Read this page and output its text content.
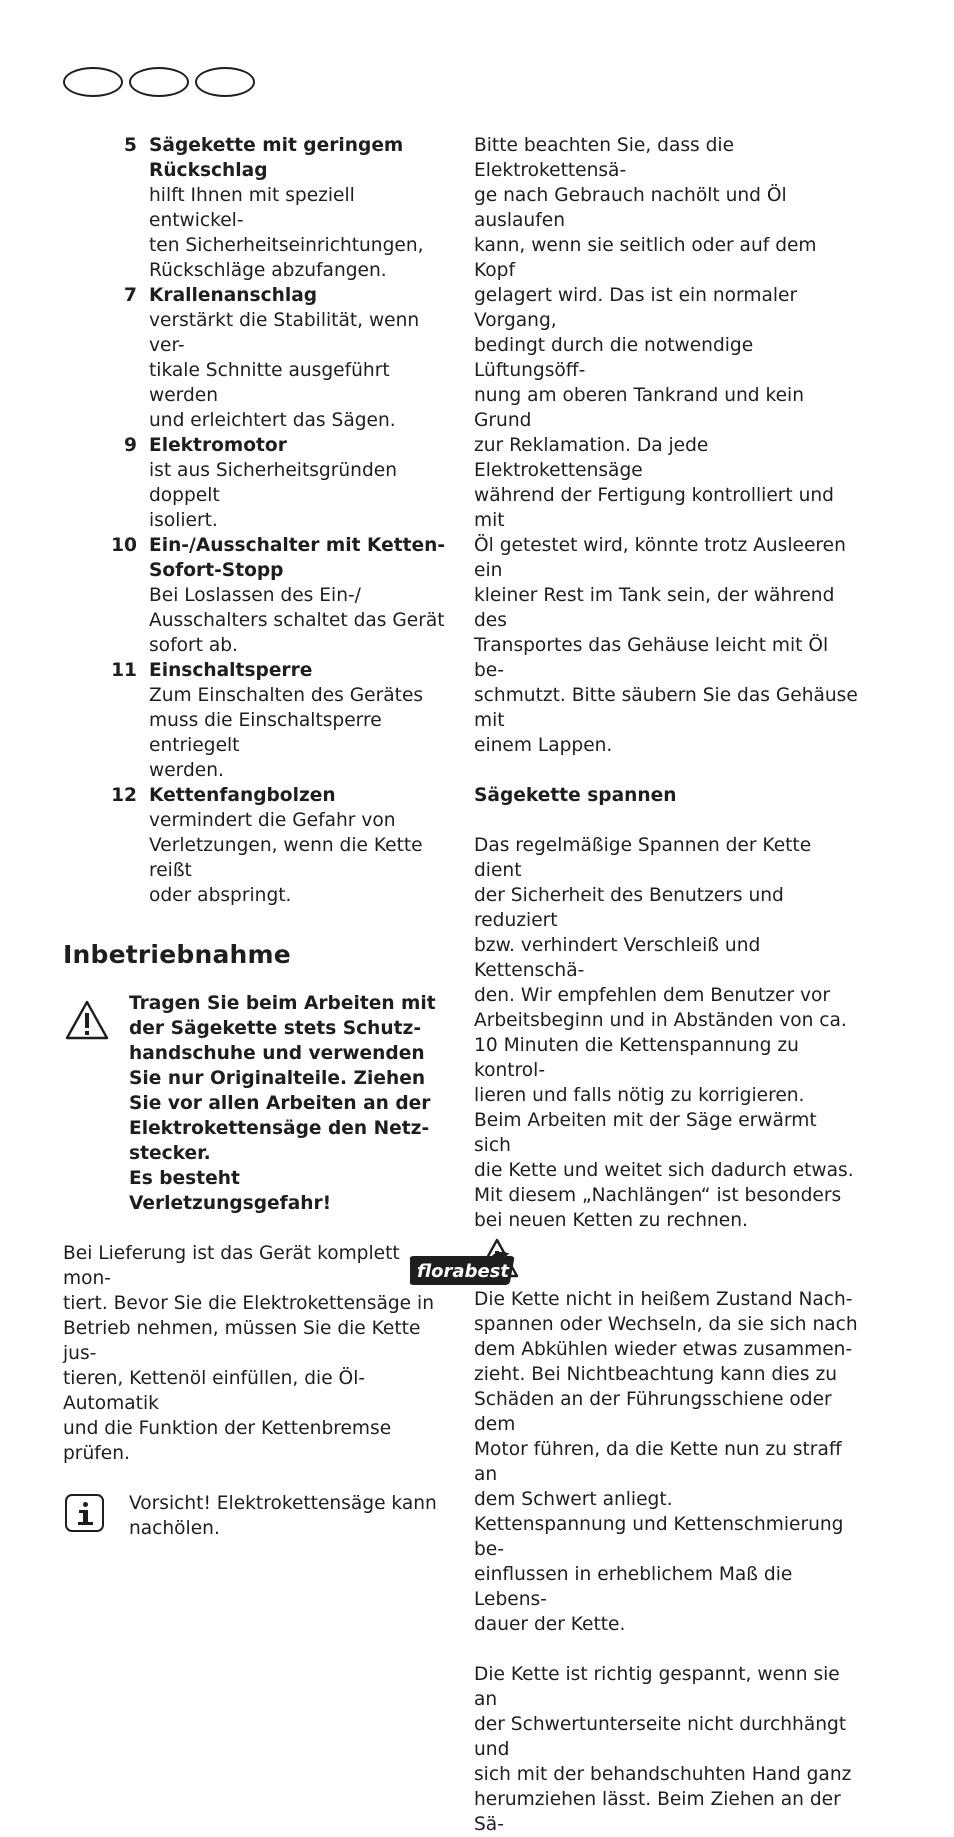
5 Sägekette mit geringem
Rückschlag
hilft Ihnen mit speziell entwickel-
ten Sicherheitseinrichtungen,
Rückschläge abzufangen.
7 Krallenanschlag
verstärkt die Stabilität, wenn ver-
tikale Schnitte ausgeführt werden
und erleichtert das Sägen.
9 Elektromotor
ist aus Sicherheitsgründen doppelt
isoliert.
10 Ein-/Ausschalter mit Ketten-
Sofort-Stopp
Bei Loslassen des Ein-/
Ausschalters schaltet das Gerät
sofort ab.
11 Einschaltsperre
Zum Einschalten des Gerätes
muss die Einschaltsperre entriegelt
werden.
12 Kettenfangbolzen
vermindert die Gefahr von
Verletzungen, wenn die Kette reißt
oder abspringt.
Inbetriebnahme
Tragen Sie beim Arbeiten mit
der Sägekette stets Schutz-
handschuhe und verwenden
Sie nur Originalteile. Ziehen
Sie vor allen Arbeiten an der
Elektrokettensäge den Netz-
stecker.
Es besteht Verletzungsgefahr!
Bei Lieferung ist das Gerät komplett mon-
tiert. Bevor Sie die Elektrokettensäge in
Betrieb nehmen, müssen Sie die Kette jus-
tieren, Kettenöl einfüllen, die Öl-Automatik
und die Funktion der Kettenbremse prüfen.
Vorsicht! Elektrokettensäge kann
nachölen.
Bitte beachten Sie, dass die Elektrokettensä-
ge nach Gebrauch nachölt und Öl auslaufen
kann, wenn sie seitlich oder auf dem Kopf
gelagert wird. Das ist ein normaler Vorgang,
bedingt durch die notwendige Lüftungsöff-
nung am oberen Tankrand und kein Grund
zur Reklamation. Da jede Elektrokettensäge
während der Fertigung kontrolliert und mit
Öl getestet wird, könnte trotz Ausleeren ein
kleiner Rest im Tank sein, der während des
Transportes das Gehäuse leicht mit Öl be-
schmutzt. Bitte säubern Sie das Gehäuse mit
einem Lappen.
Sägekette spannen
Das regelmäßige Spannen der Kette dient
der Sicherheit des Benutzers und reduziert
bzw. verhindert Verschleiß und Kettenschä-
den. Wir empfehlen dem Benutzer vor
Arbeitsbeginn und in Abständen von ca.
10 Minuten die Kettenspannung zu kontrol-
lieren und falls nötig zu korrigieren.
Beim Arbeiten mit der Säge erwärmt sich
die Kette und weitet sich dadurch etwas.
Mit diesem „Nachlängen“ ist besonders
bei neuen Ketten zu rechnen.
Die Kette nicht in heißem Zustand Nach-
spannen oder Wechseln, da sie sich nach
dem Abkühlen wieder etwas zusammen-
zieht. Bei Nichtbeachtung kann dies zu
Schäden an der Führungsschiene oder dem
Motor führen, da die Kette nun zu straff an
dem Schwert anliegt.
Kettenspannung und Kettenschmierung be-
einflussen in erheblichem Maß die Lebens-
dauer der Kette.
Die Kette ist richtig gespannt, wenn sie an
der Schwertunterseite nicht durchhängt und
sich mit der behandschuhten Hand ganz
herumziehen lässt. Beim Ziehen an der Sä-
florabest
